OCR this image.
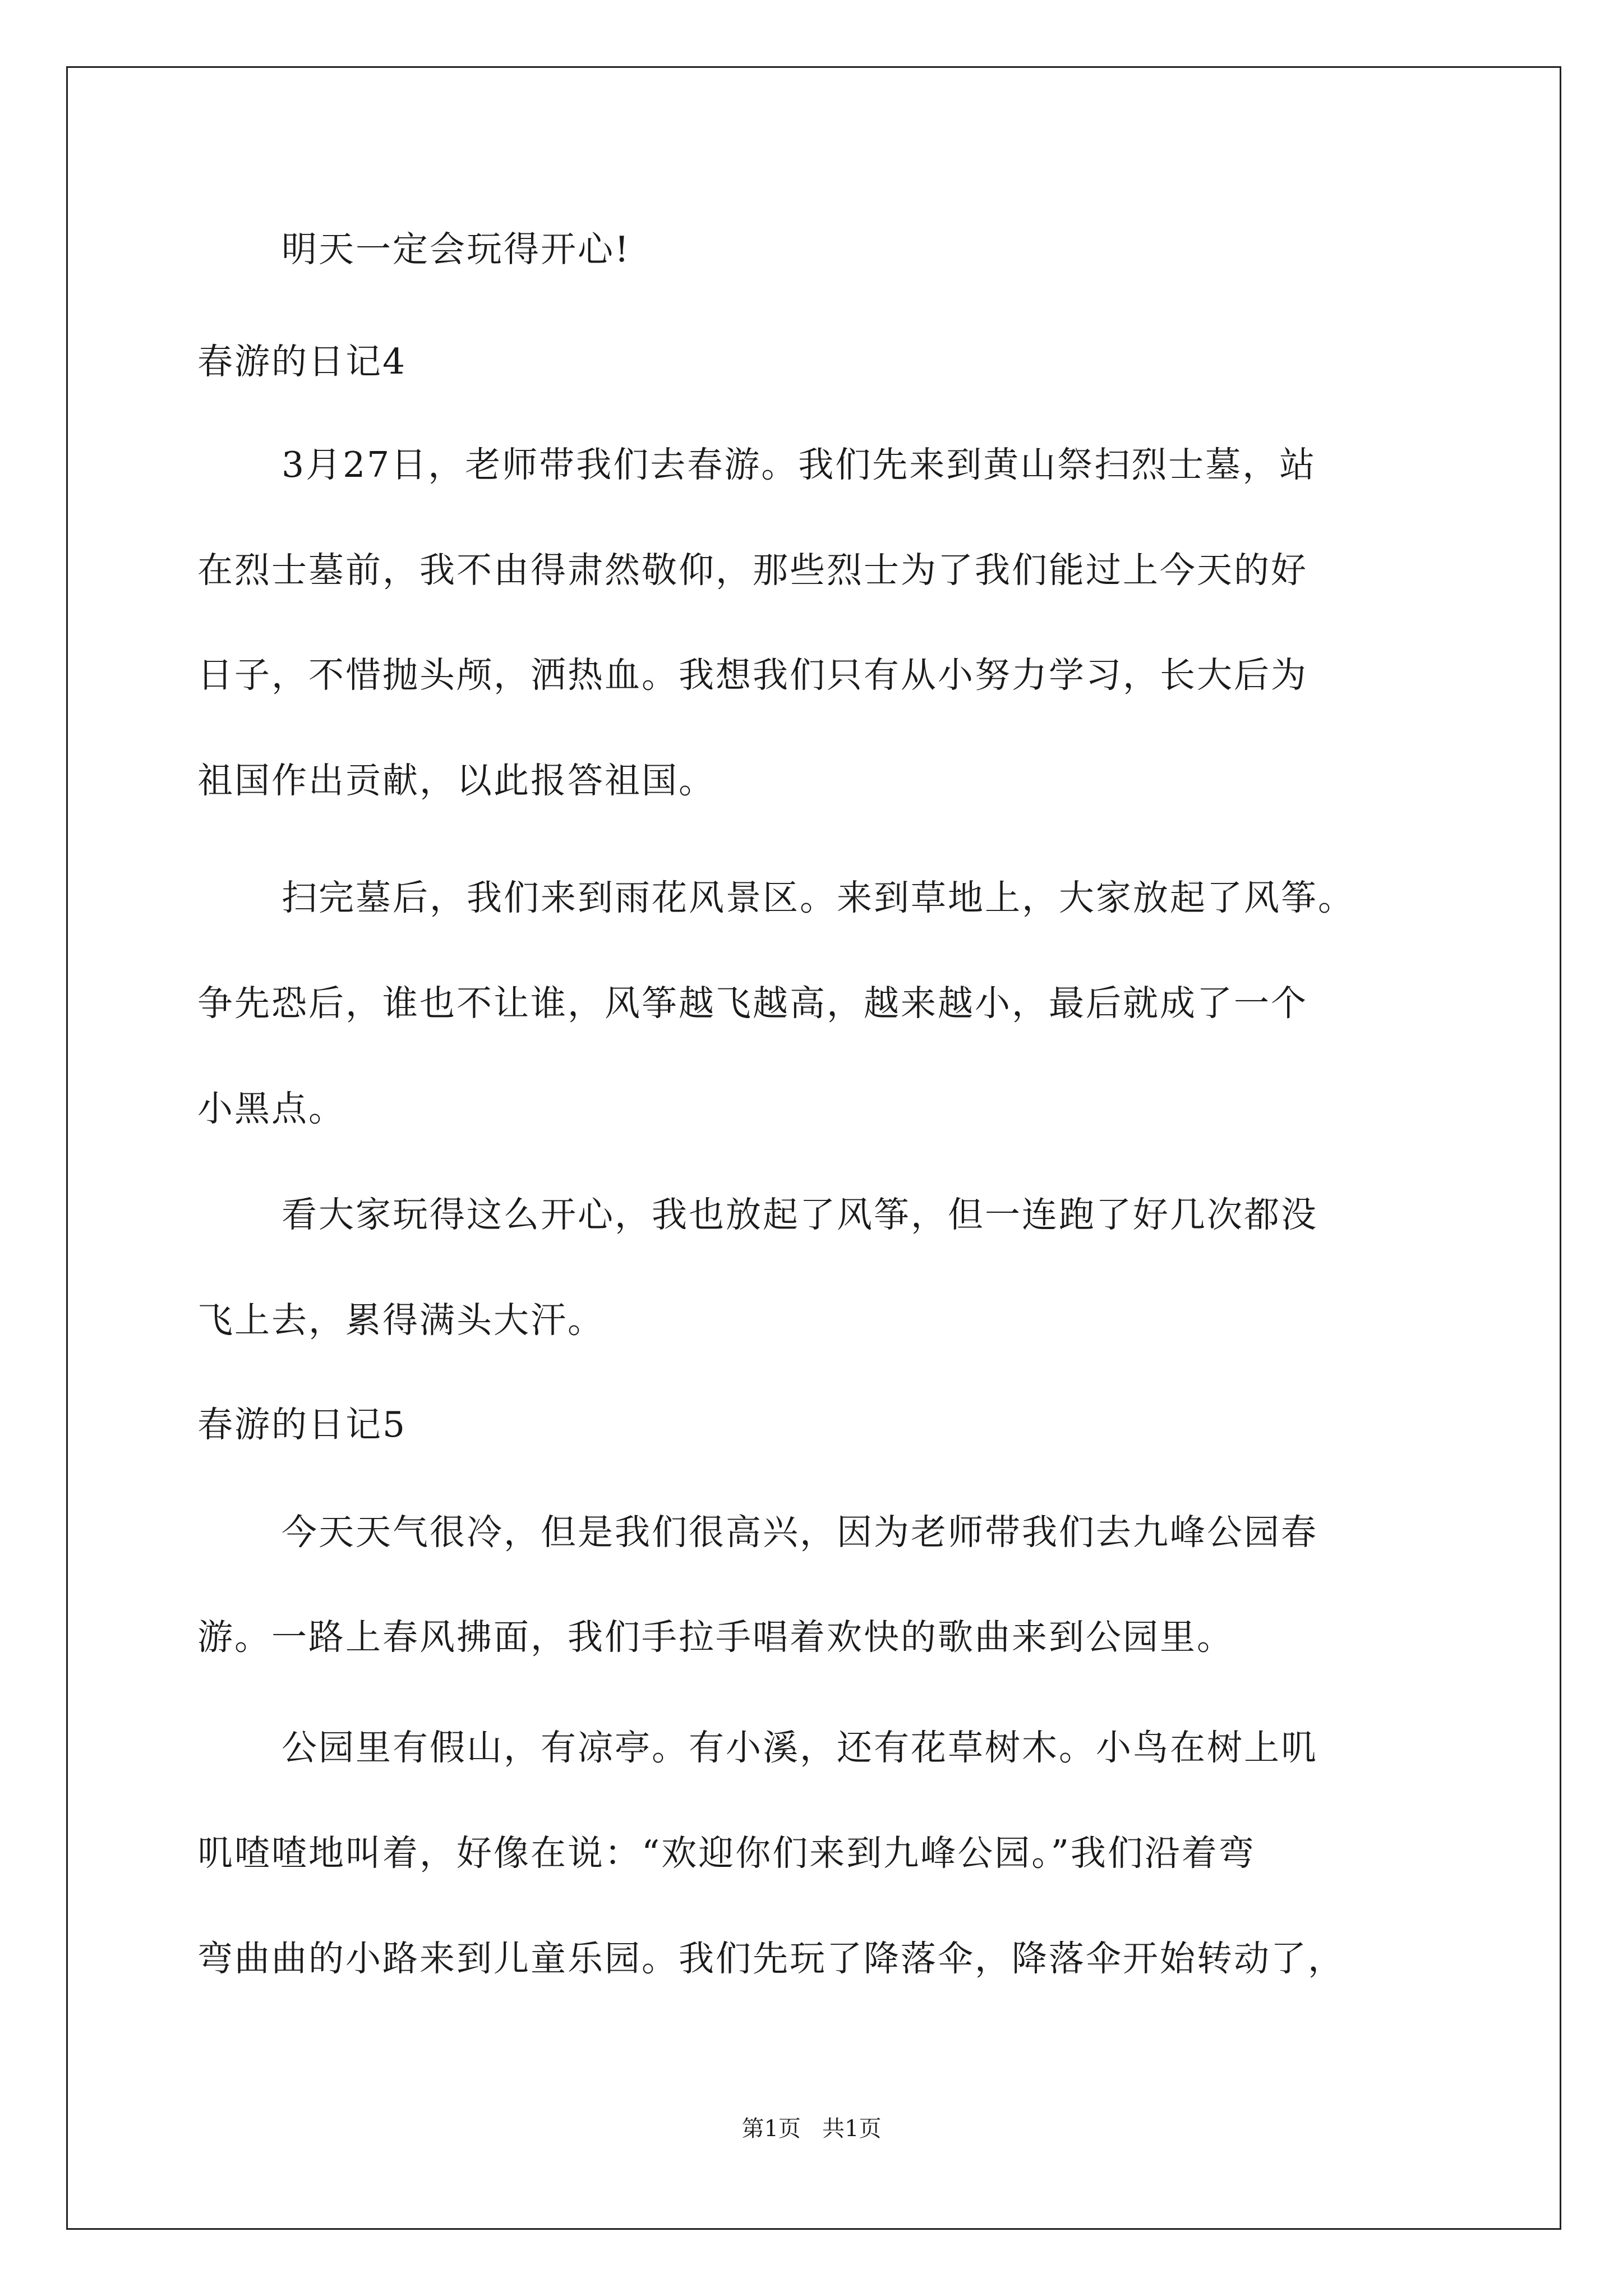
明天一定会玩得开心!
春游的日记4
3月27日，老师带我们去春游。我们先来到黄山祭扫烈士墓，站
在烈士墓前，我不由得肃然敬仰，那些烈士为了我们能过上今天的好
日子，不惜抛头颅，洒热血。我想我们只有从小努力学习，长大后为
祖国作出贡献，以此报答祖国。
扫完墓后，我们来到雨花风景区。来到草地上，大家放起了风筝。
争先恐后，谁也不让谁，风筝越飞越高，越来越小，最后就成了一个
小黑点。
看大家玩得这么开心，我也放起了风筝，但一连跑了好几次都没
飞上去，累得满头大汗。
春游的日记5
今天天气很冷，但是我们很高兴，因为老师带我们去九峰公园春
游。一路上春风拂面，我们手拉手唱着欢快的歌曲来到公园里。
公园里有假山，有凉亭。有小溪，还有花草树木。小鸟在树上叽
叽喳喳地叫着，好像在说：“欢迎你们来到九峰公园。”我们沿着弯
弯曲曲的小路来到儿童乐园。我们先玩了降落伞，降落伞开始转动了，
第1页   共1页
